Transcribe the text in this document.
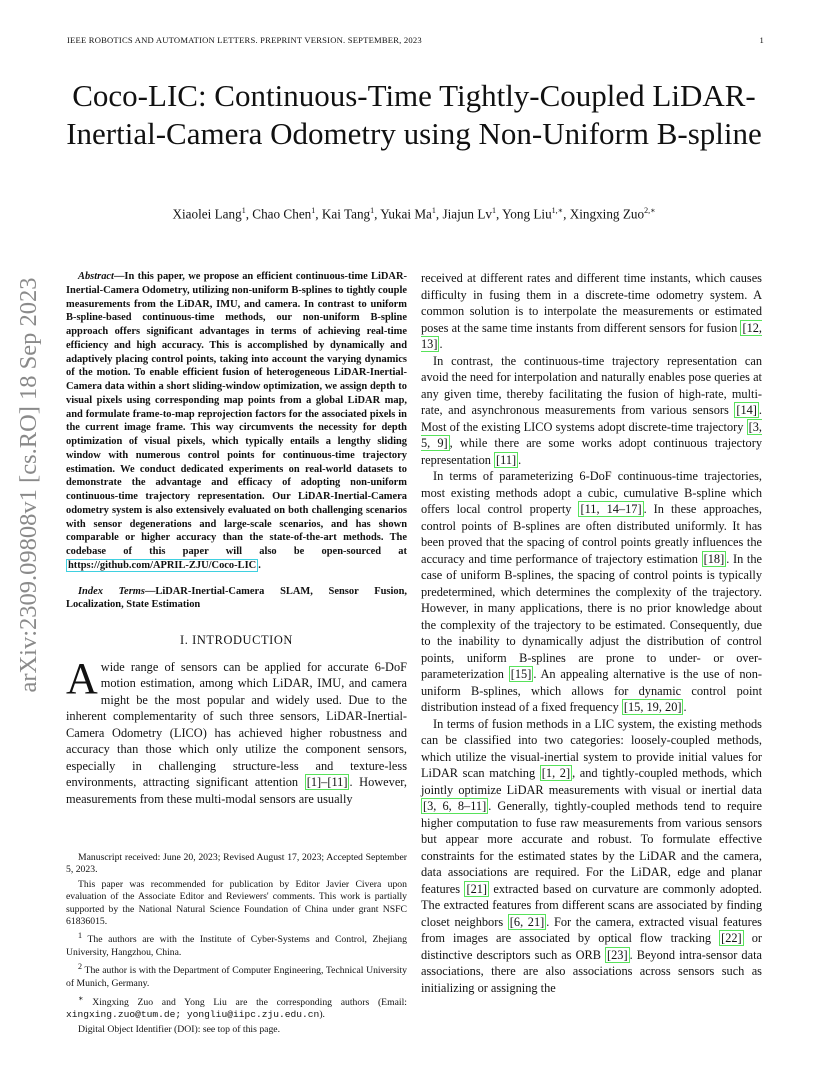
IEEE ROBOTICS AND AUTOMATION LETTERS. PREPRINT VERSION. SEPTEMBER, 2023	1
arXiv:2309.09808v1 [cs.RO] 18 Sep 2023
Coco-LIC: Continuous-Time Tightly-Coupled LiDAR-Inertial-Camera Odometry using Non-Uniform B-spline
Xiaolei Lang$^1$, Chao Chen$^1$, Kai Tang$^1$, Yukai Ma$^1$, Jiajun Lv$^1$, Yong Liu$^{1,∗}$, Xingxing Zuo$^{2,∗}$
Abstract—In this paper, we propose an efficient continuous-time LiDAR-Inertial-Camera Odometry, utilizing non-uniform B-splines to tightly couple measurements from the LiDAR, IMU, and camera. In contrast to uniform B-spline-based continuous-time methods, our non-uniform B-spline approach offers significant advantages in terms of achieving real-time efficiency and high accuracy. This is accomplished by dynamically and adaptively placing control points, taking into account the varying dynamics of the motion. To enable efficient fusion of heterogeneous LiDAR-Inertial-Camera data within a short sliding-window optimization, we assign depth to visual pixels using corresponding map points from a global LiDAR map, and formulate frame-to-map reprojection factors for the associated pixels in the current image frame. This way circumvents the necessity for depth optimization of visual pixels, which typically entails a lengthy sliding window with numerous control points for continuous-time trajectory estimation. We conduct dedicated experiments on real-world datasets to demonstrate the advantage and efficacy of adopting non-uniform continuous-time trajectory representation. Our LiDAR-Inertial-Camera odometry system is also extensively evaluated on both challenging scenarios with sensor degenerations and large-scale scenarios, and has shown comparable or higher accuracy than the state-of-the-art methods. The codebase of this paper will also be open-sourced at https://github.com/APRIL-ZJU/Coco-LIC .
Index Terms—LiDAR-Inertial-Camera SLAM, Sensor Fusion, Localization, State Estimation
I. INTRODUCTION

A wide range of sensors can be applied for accurate 6-DoF motion estimation, among which LiDAR, IMU, and camera might be the most popular and widely used. Due to the inherent complementarity of such three sensors, LiDAR-Inertial-Camera Odometry (LICO) has achieved higher robustness and accuracy than those which only utilize the component sensors, especially in challenging structure-less and texture-less environments, attracting significant attention [1]–[11] . However, measurements from these multi-modal sensors are usually

Manuscript received: June 20, 2023; Revised August 17, 2023; Accepted September 5, 2023.

This paper was recommended for publication by Editor Javier Civera upon evaluation of the Associate Editor and Reviewers' comments. This work is partially supported by the National Natural Science Foundation of China under grant NSFC 61836015.

$^1$ The authors are with the Institute of Cyber-Systems and Control, Zhejiang University, Hangzhou, China.

$^2$ The author is with the Department of Computer Engineering, Technical University of Munich, Germany.

∗ Xingxing Zuo and Yong Liu are the corresponding authors (Email: xingxing.zuo@tum.de; yongliu@iipc.zju.edu.cn).

Digital Object Identifier (DOI): see top of this page.

received at different rates and different time instants, which causes difficulty in fusing them in a discrete-time odometry system. A common solution is to interpolate the measurements or estimated poses at the same time instants from different sensors for fusion [12, 13] .

In contrast, the continuous-time trajectory representation can avoid the need for interpolation and naturally enables pose queries at any given time, thereby facilitating the fusion of high-rate, multi-rate, and asynchronous measurements from various sensors [14] . Most of the existing LICO systems adopt discrete-time trajectory [3, 5, 9] , while there are some works adopt continuous trajectory representation [11] .

In terms of parameterizing 6-DoF continuous-time trajectories, most existing methods adopt a cubic, cumulative B-spline which offers local control property [11, 14–17] . In these approaches, control points of B-splines are often distributed uniformly. It has been proved that the spacing of control points greatly influences the accuracy and time performance of trajectory estimation [18] . In the case of uniform B-splines, the spacing of control points is typically predetermined, which determines the complexity of the trajectory. However, in many applications, there is no prior knowledge about the complexity of the trajectory to be estimated. Consequently, due to the inability to dynamically adjust the distribution of control points, uniform B-splines are prone to under- or over-parameterization [15] . An appealing alternative is the use of non-uniform B-splines, which allows for dynamic control point distribution instead of a fixed frequency [15, 19, 20] .

In terms of fusion methods in a LIC system, the existing methods can be classified into two categories: loosely-coupled methods, which utilize the visual-inertial system to provide initial values for LiDAR scan matching [1, 2] , and tightly-coupled methods, which jointly optimize LiDAR measurements with visual or inertial data [3, 6, 8–11] . Generally, tightly-coupled methods tend to require higher computation to fuse raw measurements from various sensors but appear more accurate and robust. To formulate effective constraints for the estimated states by the LiDAR and the camera, data associations are required. For the LiDAR, edge and planar features [21] extracted based on curvature are commonly adopted. The extracted features from different scans are associated by finding closet neighbors [6, 21] . For the camera, extracted visual features from images are associated by optical flow tracking [22] or distinctive descriptors such as ORB [23] . Beyond intra-sensor data associations, there are also associations across sensors such as initializing or assigning the
